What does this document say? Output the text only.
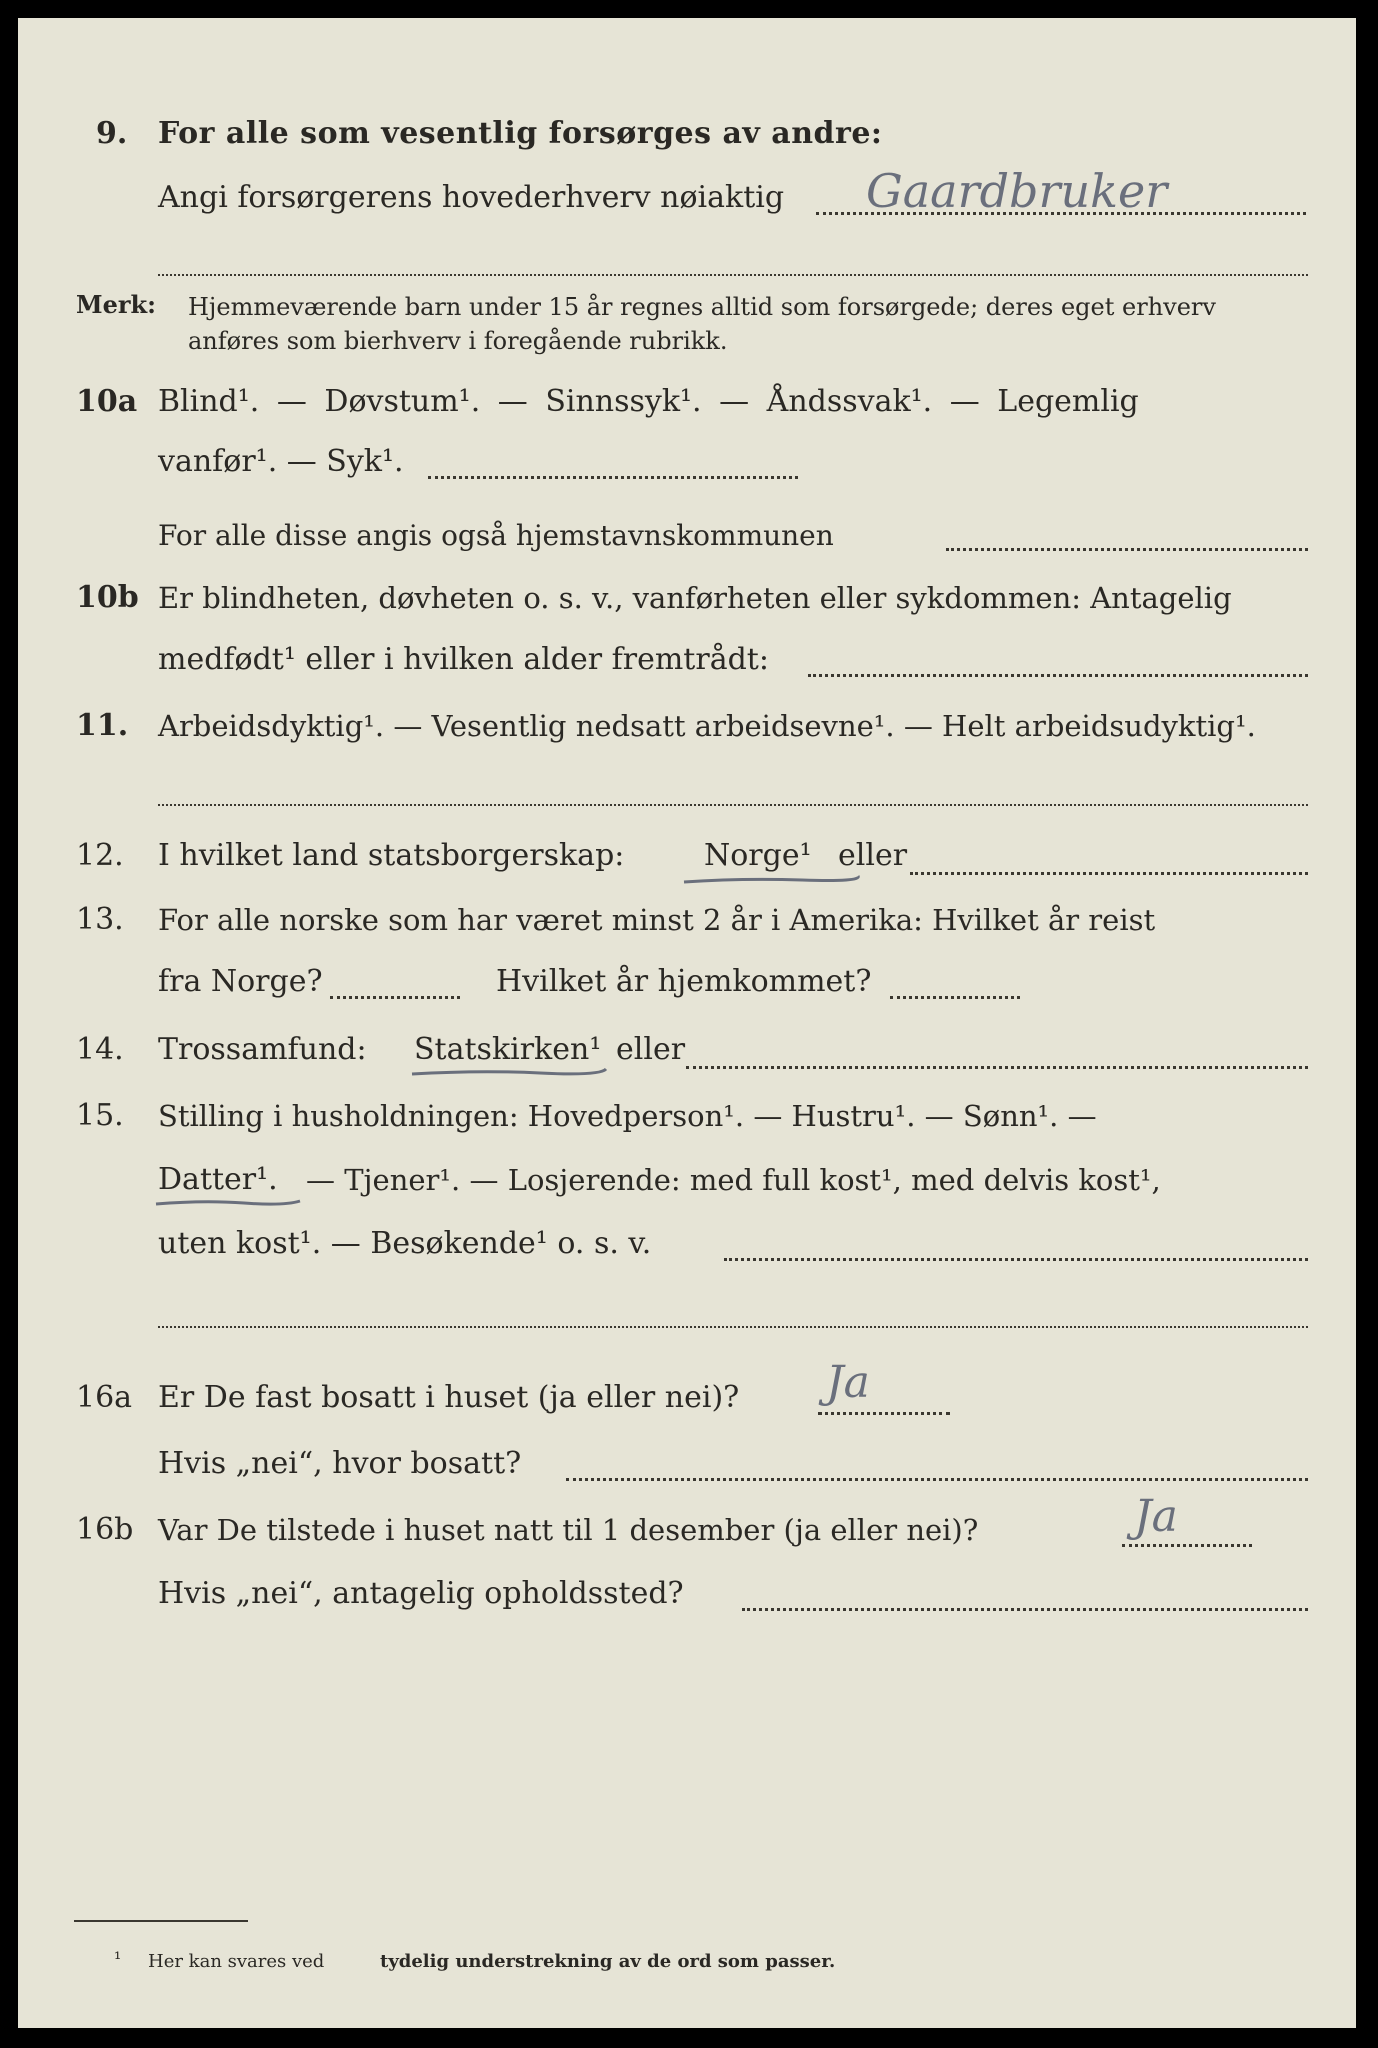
9. For alle som vesentlig forsørges av andre:
Angi forsørgerens hovederhverv nøiaktig Gaardbruker
Merk: Hjemmeværende barn under 15 år regnes alltid som forsørgede; deres eget erhverv
anføres som bierhverv i foregående rubrikk.
10a Blind¹. — Døvstum¹. — Sinnssyk¹. — Åndssvak¹. — Legemlig
vanfør¹. — Syk¹.
For alle disse angis også hjemstavnskommunen
10b Er blindheten, døvheten o. s. v., vanførheten eller sykdommen: Antagelig
medfødt¹ eller i hvilken alder fremtrådt:
11. Arbeidsdyktig¹. — Vesentlig nedsatt arbeidsevne¹. — Helt arbeidsudyktig¹.
12. I hvilket land statsborgerskap:	Norge¹ eller
13. For alle norske som har været minst 2 år i Amerika: Hvilket år reist
fra Norge?	Hvilket år hjemkommet?
14. Trossamfund: Statskirken¹ eller
15. Stilling i husholdningen: Hovedperson¹. — Hustru¹. — Sønn¹. —
Datter¹. — Tjener¹. — Losjerende: med full kost¹, med delvis kost¹,
uten kost¹. — Besøkende¹ o. s. v.
16a Er De fast bosatt i huset (ja eller nei)? Ja
Hvis „nei“, hvor bosatt?
16b Var De tilstede i huset natt til 1 desember (ja eller nei)?	Ja
Hvis „nei“, antagelig opholdssted?
¹ Her kan svares ved	tydelig understrekning av de ord som passer.
